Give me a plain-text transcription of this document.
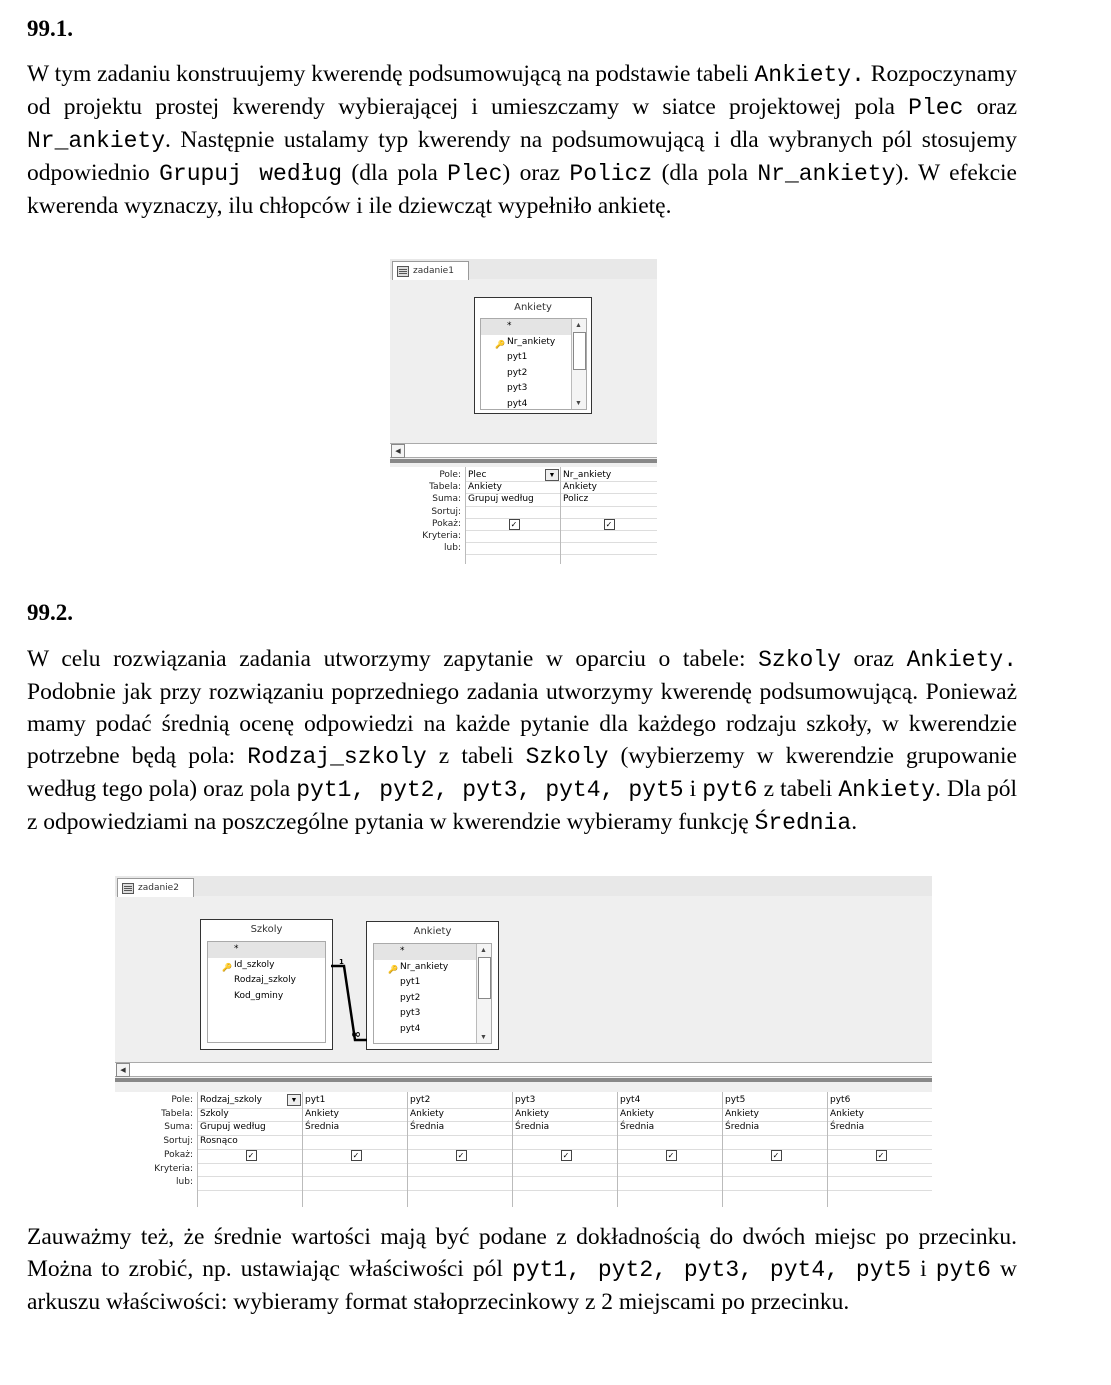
99.1.

W tym zadaniu konstruujemy kwerendę podsumowującą na podstawie tabeli Ankiety. Rozpoczynamy od projektu prostej kwerendy wybierającej i umieszczamy w siatce projektowej pola Plec oraz Nr_ankiety. Następnie ustalamy typ kwerendy na podsumowującą i dla wybranych pól stosujemy odpowiednio Grupuj według (dla pola Plec) oraz Policz (dla pola Nr_ankiety). W efekcie kwerenda wyznaczy, ilu chłopców i ile dziewcząt wypełniło ankietę.

zadanie1
Ankiety
*
🔑 Nr_ankiety
pyt1
pyt2
pyt3
pyt4
▲
▼
◀
Pole:
Tabela:
Suma:
Sortuj:
Pokaż:
Kryteria:
lub:
Plec	▼
Ankiety
Grupuj według
✓
Nr_ankiety
Ankiety
Policz
✓
99.2.

W celu rozwiązania zadania utworzymy zapytanie w oparciu o tabele: Szkoly oraz Ankiety. Podobnie jak przy rozwiązaniu poprzedniego zadania utworzymy kwerendę podsumowującą. Ponieważ mamy podać średnią ocenę odpowiedzi na każde pytanie dla każdego rodzaju szkoły, w kwerendzie potrzebne będą pola: Rodzaj_szkoly z tabeli Szkoly (wybierzemy w kwerendzie grupowanie według tego pola) oraz pola pyt1, pyt2, pyt3, pyt4, pyt5 i pyt6 z tabeli Ankiety. Dla pól z odpowiedziami na poszczególne pytania w kwerendzie wybieramy funkcję Średnia.

zadanie2
Szkoly
*
🔑 Id_szkoly
Rodzaj_szkoly
Kod_gminy
Ankiety
*
🔑 Nr_ankiety
pyt1
pyt2
pyt3
pyt4
▲
▼
1
∞
◀
Pole:
Tabela:
Suma:
Sortuj:
Pokaż:
Kryteria:
lub:
Rodzaj_szkoly	▼
Szkoly
Grupuj według
Rosnąco
✓
pyt1
Ankiety
Średnia
✓
pyt2
Ankiety
Średnia
✓
pyt3
Ankiety
Średnia
✓
pyt4
Ankiety
Średnia
✓
pyt5
Ankiety
Średnia
✓
pyt6
Ankiety
Średnia
✓

Zauważmy też, że średnie wartości mają być podane z dokładnością do dwóch miejsc po przecinku. Można to zrobić, np. ustawiając właściwości pól pyt1, pyt2, pyt3, pyt4, pyt5 i pyt6 w arkuszu właściwości: wybieramy format stałoprzecinkowy z 2 miejscami po przecinku.
